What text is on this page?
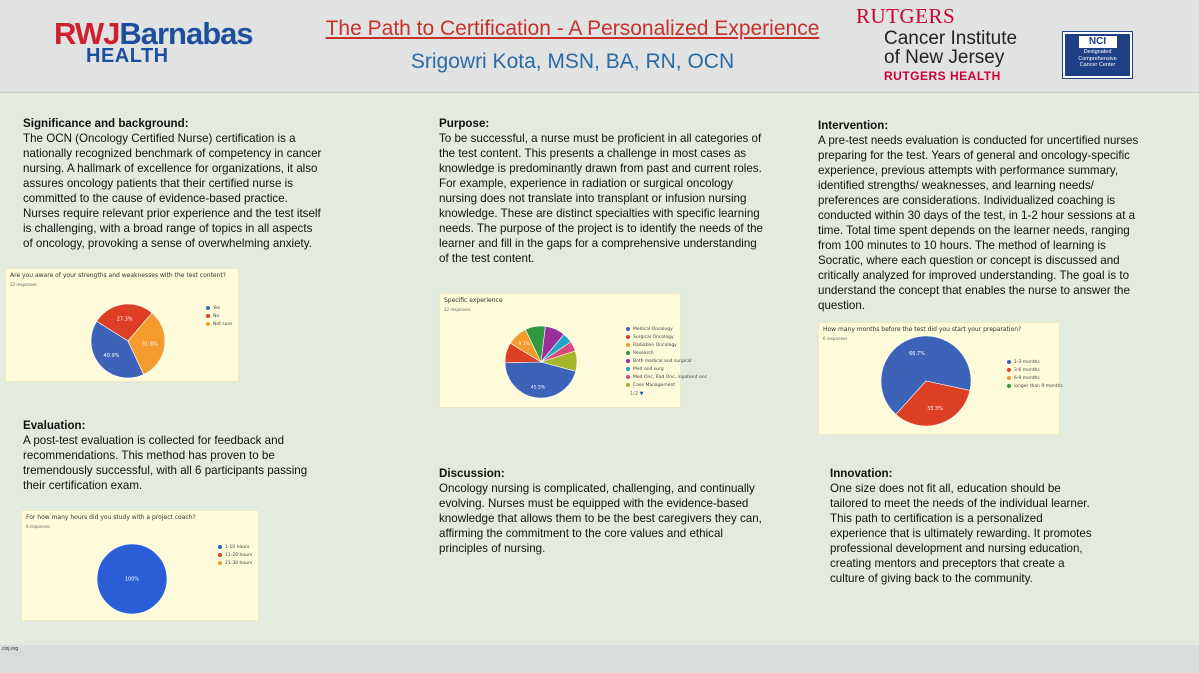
RWJBarnabas
HEALTH
The Path to Certification - A Personalized Experience
Srigowri Kota, MSN, BA, RN, OCN
RUTGERS
Cancer Institute
of New Jersey
RUTGERS HEALTH
NCI
Designated
Comprehensive
Cancer Center
Significance and background:

The OCN (Oncology Certified Nurse) certification is a nationally recognized benchmark of competency in cancer nursing. A hallmark of excellence for organizations, it also assures oncology patients that their certified nurse is committed to the cause of evidence-based practice. Nurses require relevant prior experience and the test itself is challenging, with a broad range of topics in all aspects of oncology, provoking a sense of overwhelming anxiety.

Purpose:

To be successful, a nurse must be proficient in all categories of the test content. This presents a challenge in most cases as knowledge is predominantly drawn from past and current roles. For example, experience in radiation or surgical oncology nursing does not translate into transplant or infusion nursing knowledge. These are distinct specialties with specific learning needs. The purpose of the project is to identify the needs of the learner and fill in the gaps for a comprehensive understanding of the test content.

Intervention:

A pre-test needs evaluation is conducted for uncertified nurses preparing for the test. Years of general and oncology-specific experience, previous attempts with performance summary, identified strengths/ weaknesses, and learning needs/ preferences are considerations. Individualized coaching is conducted within 30 days of the test, in 1-2 hour sessions at a time. Total time spent depends on the learner needs, ranging from 100 minutes to 10 hours. The method of learning is Socratic, where each question or concept is discussed and critically analyzed for improved understanding. The goal is to understand the concept that enables the nurse to answer the question.

Evaluation:

A post-test evaluation is collected for feedback and recommendations. This method has proven to be tremendously successful, with all 6 participants passing their certification exam.

Discussion:

Oncology nursing is complicated, challenging, and continually evolving. Nurses must be equipped with the evidence-based knowledge that allows them to be the best caregivers they can, affirming the commitment to the core values and ethical principles of nursing.

Innovation:

One size does not fit all, education should be tailored to meet the needs of the individual learner. This path to certification is a personalized experience that is ultimately rewarding. It promotes professional development and nursing education, creating mentors and preceptors that create a culture of giving back to the community.

Are you aware of your strengths and weaknesses with the test content?
22 responses
40.9%
27.3%
31.8%
Yes
No
Not sure
Specific experience
22 responses
45.5%
9.1%
Medical Oncology
Surgical Oncology
Radiation Oncology
Research
Both medical and surgical
Med and surg
Med Onc, Rad Onc, inpatient onc
Case Management
1/2 ▼
How many months before the test did you start your preparation?
6 responses
66.7%
33.3%
1-3 months
3-6 months
6-9 months
longer than 9 months
For how many hours did you study with a project coach?
6 responses
100%
1-10 hours
11-20 hours
21-30 hours
cinj.org
